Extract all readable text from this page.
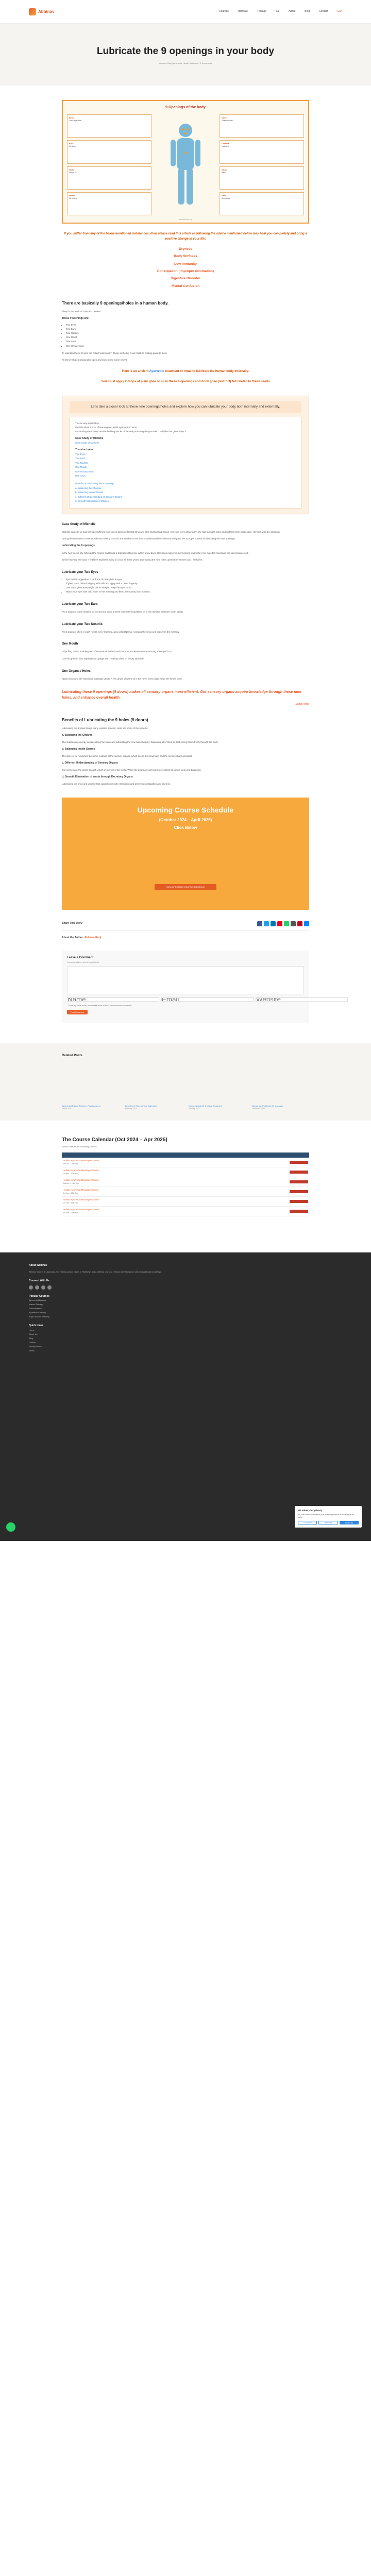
Abhinav	Courses	Retreats	Therapy	Sai	About	Blog	Contact	Cart
Lubricate the 9 openings in your body
Abhinav Gunj | Ayurveda, Health, Wellness | 0 Comments
9 Openings of the body
Eyes
Ghee eye wash
Ears
Oil drops
Nose
Nasya oil
Mouth
Oil pulling
Navel
Ghee in navel
Urethra
Hydration
Anus
Basti
Skin
Abhyanga
www.abhinav.org
If you suffer from any of the below mentioned imbalances, then please read this article as following the advice mentioned below may heal you completely and bring a positive change in your life:
Dryness
Body Stiffness
Low Immunity
Constipation (improper elimination)
Digestive Disorder
Mental Confusion
There are basically 9 openings/holes in a human body.

They do the work of Gain and release.

These 9 openings are:
• Two Eyes
• Two Ears
• Two Nostrils
• One Mouth
• One Anus
• One Urinary tract

To maintain these 9 holes are called 'Lubrication'. These is the big Food / Nature coating given to them.

All these 9 holes should also open and close up to some extent.

Here is an ancient Ayurvedic treatment or ritual to lubricate the human body internally.
You must apply 2 drops of plain ghee or oil in these 9 openings and drink ghee (not to 3) fell related to these seeds
Let's take a closer look at these nine openings/holes and explore how you can lubricate your body both internally and externally.
This is very informative.
We talk about it a lot of learning on Useful Ayurvedic Course
Lubricating the 9 holes are the building blocks of life and protecting the grounded body like this ghee helps it.
Case Study of Michelle
Case Study of Michelle
The nine holes:
Two Eyes
Two Ears
Two Nostrils
One Mouth
One Urinary tract
One Anus
Benefits of Lubricating the 9 openings
a. Balancing the Chakras
b. Balancing Inside Senses
c. Different Understanding of Sensory Organs
d. Smooth Elimination of Wastes
Case Study of Michelle

Michelle came to us and her was suffering from lots of ailments for last 40 years. She had hearing issues, her eyes were always dry, she had stomach ache and suffered from indigestion. Her skin was dry and itchy.

During the two week course at Abhinav Healing Ground, the teachers took time to understand her ailments and gave her a proper routine of lubricating the nine openings.

Lubricating the 9 openings

In the two weeks she followed the regime and found a dramatic difference within a few days. Her sleep improved, her hearing was better, her eyes felt moist and her skin became soft.

Before leaving, she said, 'I felt like I had been living in a box all these years, Lubricating the nine holes opened my senses and I feel alive.'

Lubricate your Two Eyes
• Eye health suggestion: 2 -3 drops of pure ghee in eyes.
• If ghee hurts, dilute it slightly with milk and apply with a clean fingertip.
• Use warm ghee every night before sleep to keep the eyes moist.
• Wash your eyes with cold water in the morning and keep them away from screens.
Lubricate your Two Ears

Put 3 drops of warm sesame oil in each ear once a week. Keep the head tilted for a few minutes and then clean gently.

Lubricate your Two Nostrils

Put 2 drops of ghee in each nostril every morning, also called Nasya. It cleans the sinus and improves the memory.

One Mouth

Oil pulling: swish a tablespoon of sesame oil in the mouth for 5 to 10 minutes every morning, then spit it out.

Use the ghee in food regularly and gargle with Healing Ghee on empty stomach.

One Organs / Holes

Apply oil around the navel and massage gently. A few drops of warm oil in the navel every night helps the whole body.

Lubricating these 9 openings (9 doors) makes all sensory organs more efficient. Our sensory organs acquire knowledge through these nine holes, and enhance overall health.
Sagari Mina
Benefits of Lubricating the 9 holes (9 doors)

Lubricating the 9 holes brings many positive benefits. Here are some of the benefits:

a. Balancing the Chakras

The chakras are energy centres along the spine and lubricating the nine holes helps in balancing all of them so that energy flows freely through the body.

b. Balancing Inside Senses

The ghee or oil nourishes the nerve endings of the sensory organs, which keeps the mind calm and the senses sharp and alert.

c. Different Understanding of Sensory Organs

Our senses are the doors through which we perceive the world. When the doors are well oiled, perception becomes clear and balanced.

d. Smooth Elimination of waste through Excretory Organs

Lubricating the anus and urinary tract supports smooth elimination and prevents constipation and dryness.

Upcoming Course Schedule
(October 2024 – April 2025)
Click Below
VIEW UPCOMING COURSE SCHEDULE
Share This Story
About the Author: Abhinav Gunj
Leave a Comment
Your email address will not be published.
Name
Email
Website
☐ Save my name, email, and website in this browser for the next time I comment.
Post Comment
Related Posts
Ayurveda Healing Retreat – Panchakarma
March 2024
Benefits of Ghee in Your Daily Diet
February 2024
Nasya: Nasal Oil Therapy Explained
January 2024
Abhyanga: Full Body Oil Massage
December 2023
The Course Calendar (Oct 2024 – Apr 2025)
Scroll to see all our upcoming courses
Holistic Ayurveda Massage Course
2nd Oct – 18th Oct
Holistic Ayurveda Massage Course
1st Nov – 17th Nov
Holistic Ayurveda Massage Course
2nd Dec – 18th Dec
Holistic Ayurveda Massage Course
3rd Jan – 19th Jan
Holistic Ayurveda Massage Course
1st Feb – 17th Feb
Holistic Ayurveda Massage Course
3rd Mar – 19th Mar
About Abhinav

Abhinav Gunj is an Ayurveda and healing school based in Rishikesh, India offering courses, retreats and therapies rooted in traditional knowledge.

Connect With Us
Popular Courses
Ayurveda Massage
Marma Therapy
Panchakarma
Ayurveda Cooking
Yoga Teacher Training
Quick Links
Home
About Us
Blog
Contact
Privacy Policy
Terms
We value your privacy
We use cookies to enhance your browsing experience and analyze our traffic.
Customize	Reject All	Accept All
